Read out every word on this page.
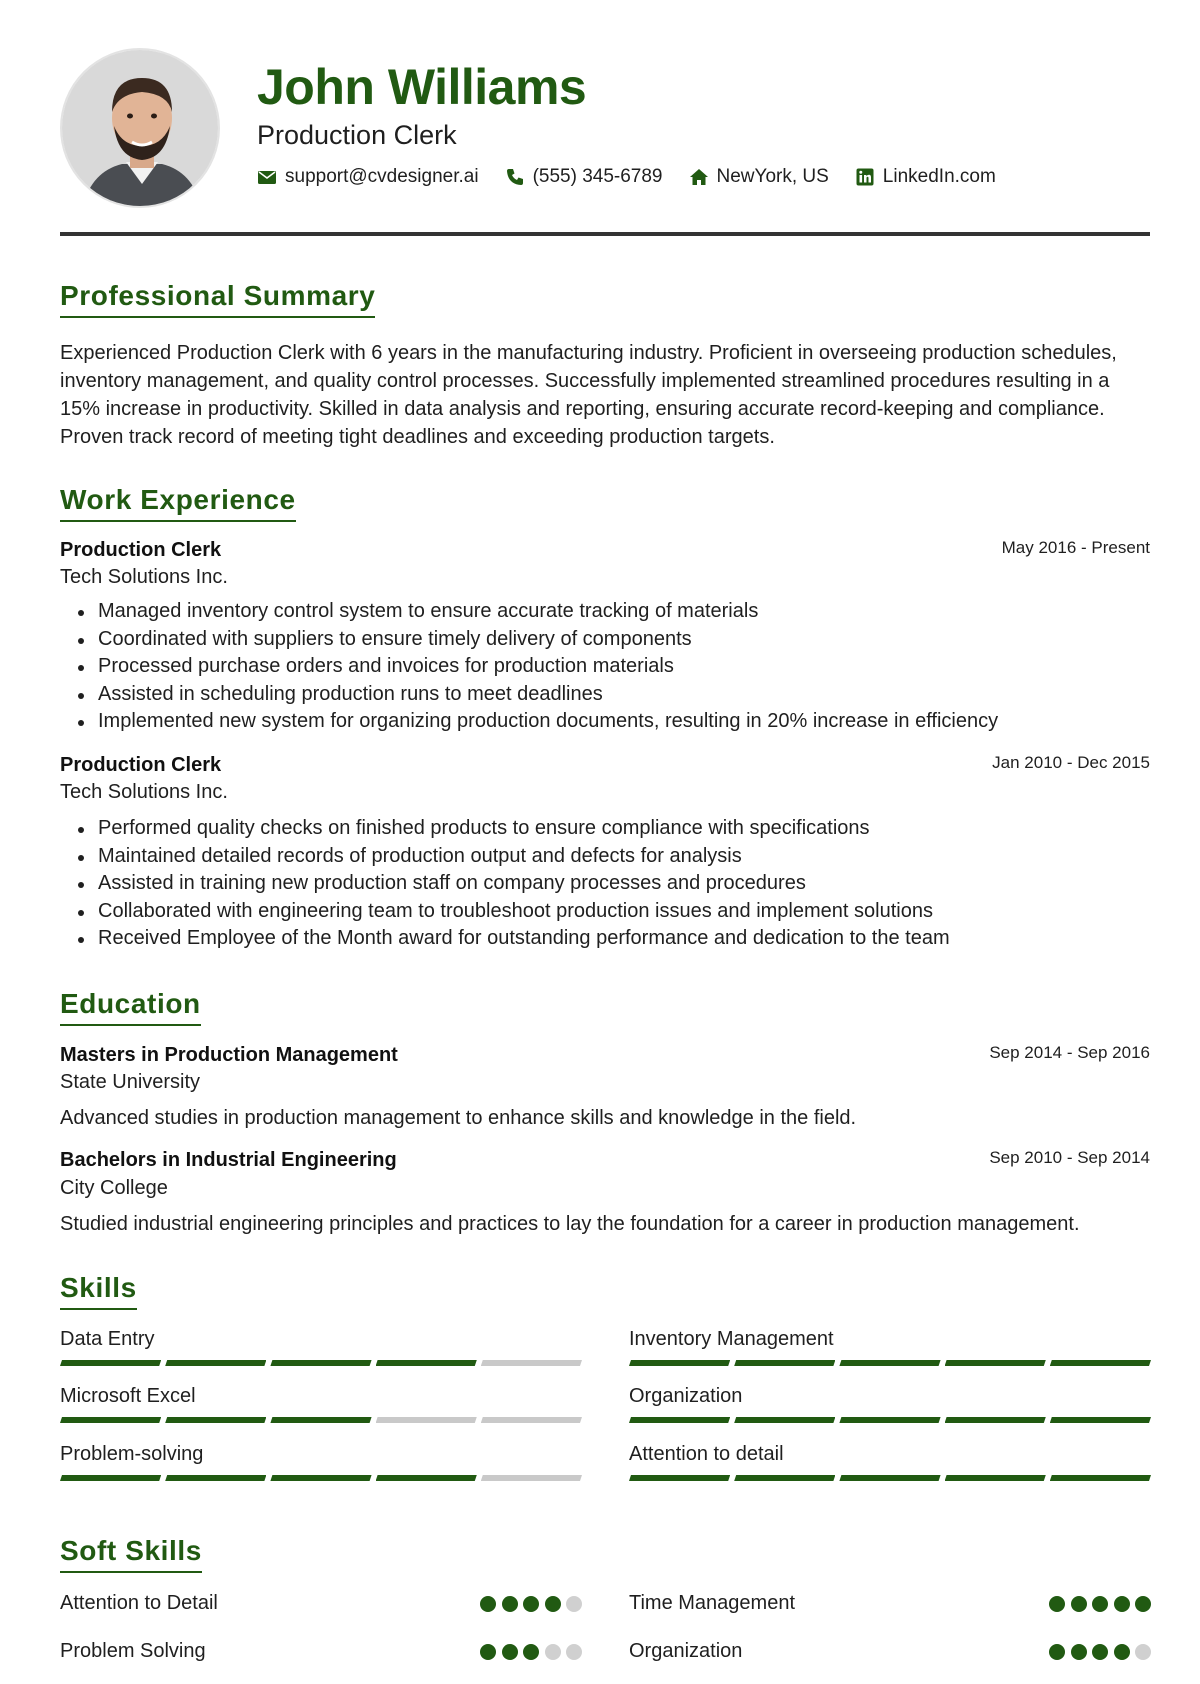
John Williams
Production Clerk
support@cvdesigner.ai	(555) 345-6789	NewYork, US	LinkedIn.com
Professional Summary
Experienced Production Clerk with 6 years in the manufacturing industry. Proficient in overseeing production schedules, inventory management, and quality control processes. Successfully implemented streamlined procedures resulting in a 15% increase in productivity. Skilled in data analysis and reporting, ensuring accurate record-keeping and compliance. Proven track record of meeting tight deadlines and exceeding production targets.
Work Experience
Production Clerk	May 2016 - Present
Tech Solutions Inc.
Managed inventory control system to ensure accurate tracking of materials
Coordinated with suppliers to ensure timely delivery of components
Processed purchase orders and invoices for production materials
Assisted in scheduling production runs to meet deadlines
Implemented new system for organizing production documents, resulting in 20% increase in efficiency
Production Clerk	Jan 2010 - Dec 2015
Tech Solutions Inc.
Performed quality checks on finished products to ensure compliance with specifications
Maintained detailed records of production output and defects for analysis
Assisted in training new production staff on company processes and procedures
Collaborated with engineering team to troubleshoot production issues and implement solutions
Received Employee of the Month award for outstanding performance and dedication to the team
Education
Masters in Production Management	Sep 2014 - Sep 2016
State University
Advanced studies in production management to enhance skills and knowledge in the field.
Bachelors in Industrial Engineering	Sep 2010 - Sep 2014
City College
Studied industrial engineering principles and practices to lay the foundation for a career in production management.
Skills
Data Entry	Inventory Management
Microsoft Excel	Organization
Problem-solving	Attention to detail
Soft Skills
Attention to Detail	Time Management
Problem Solving	Organization
